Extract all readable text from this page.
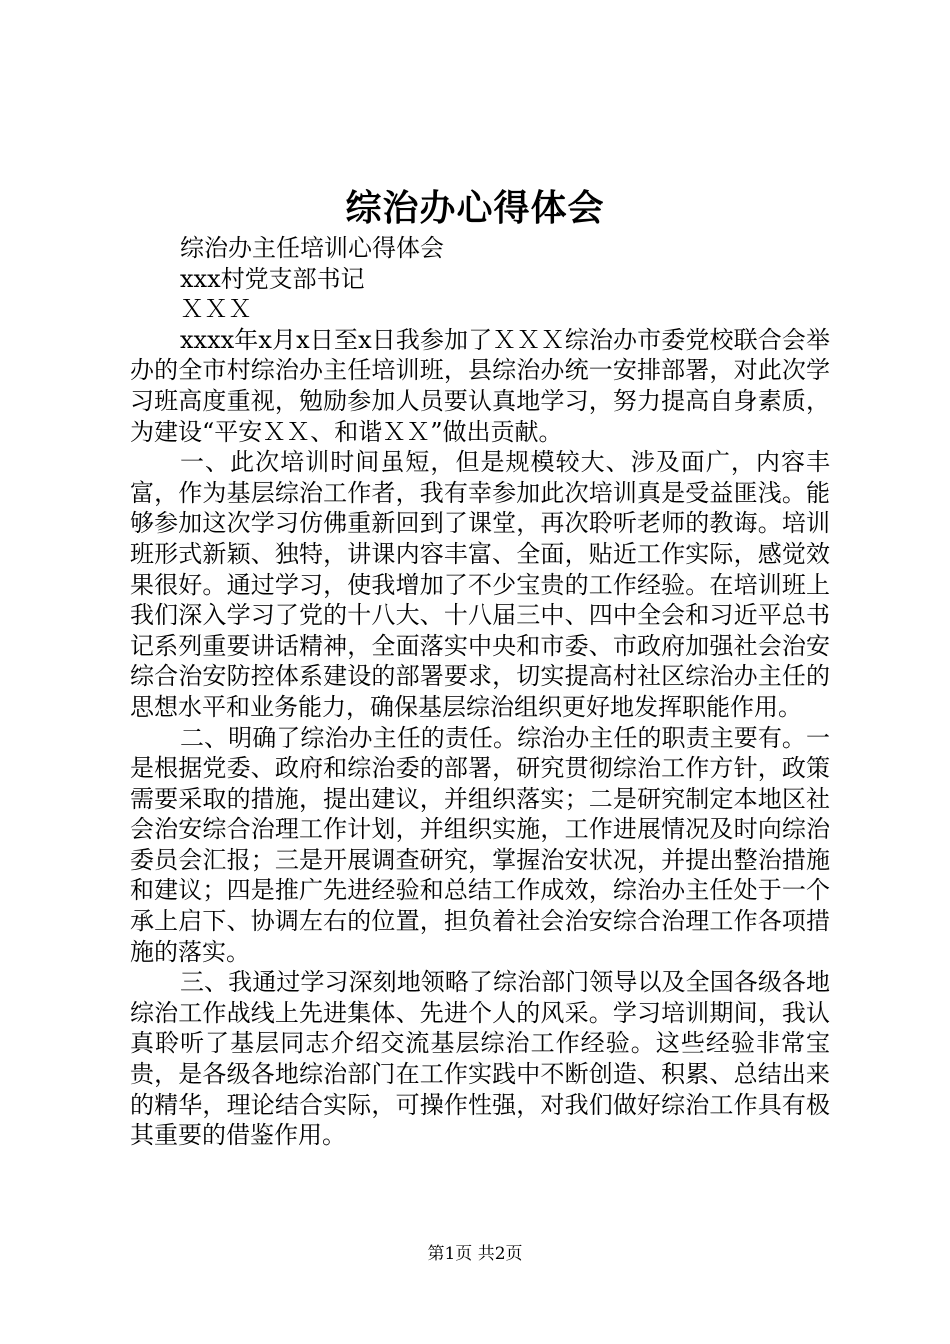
综治办心得体会
综治办主任培训心得体会
xxx村党支部书记
ＸＸＸ

xxxx年x月x日至x日我参加了ＸＸＸ综治办市委党校联合会举办的全市村综治办主任培训班，县综治办统一安排部署，对此次学习班高度重视，勉励参加人员要认真地学习，努力提高自身素质，为建设“平安ＸＸ、和谐ＸＸ”做出贡献。

一、此次培训时间虽短，但是规模较大、涉及面广，内容丰富，作为基层综治工作者，我有幸参加此次培训真是受益匪浅。能够参加这次学习仿佛重新回到了课堂，再次聆听老师的教诲。培训班形式新颖、独特，讲课内容丰富、全面，贴近工作实际，感觉效果很好。通过学习，使我增加了不少宝贵的工作经验。在培训班上我们深入学习了党的十八大、十八届三中、四中全会和习近平总书记系列重要讲话精神，全面落实中央和市委、市政府加强社会治安综合治安防控体系建设的部署要求，切实提高村社区综治办主任的思想水平和业务能力，确保基层综治组织更好地发挥职能作用。

二、明确了综治办主任的责任。综治办主任的职责主要有。一是根据党委、政府和综治委的部署，研究贯彻综治工作方针，政策需要采取的措施，提出建议，并组织落实；二是研究制定本地区社会治安综合治理工作计划，并组织实施，工作进展情况及时向综治委员会汇报；三是开展调查研究，掌握治安状况，并提出整治措施和建议；四是推广先进经验和总结工作成效，综治办主任处于一个承上启下、协调左右的位置，担负着社会治安综合治理工作各项措施的落实。

三、我通过学习深刻地领略了综治部门领导以及全国各级各地综治工作战线上先进集体、先进个人的风采。学习培训期间，我认真聆听了基层同志介绍交流基层综治工作经验。这些经验非常宝贵，是各级各地综治部门在工作实践中不断创造、积累、总结出来的精华，理论结合实际，可操作性强，对我们做好综治工作具有极其重要的借鉴作用。

第1页 共2页
